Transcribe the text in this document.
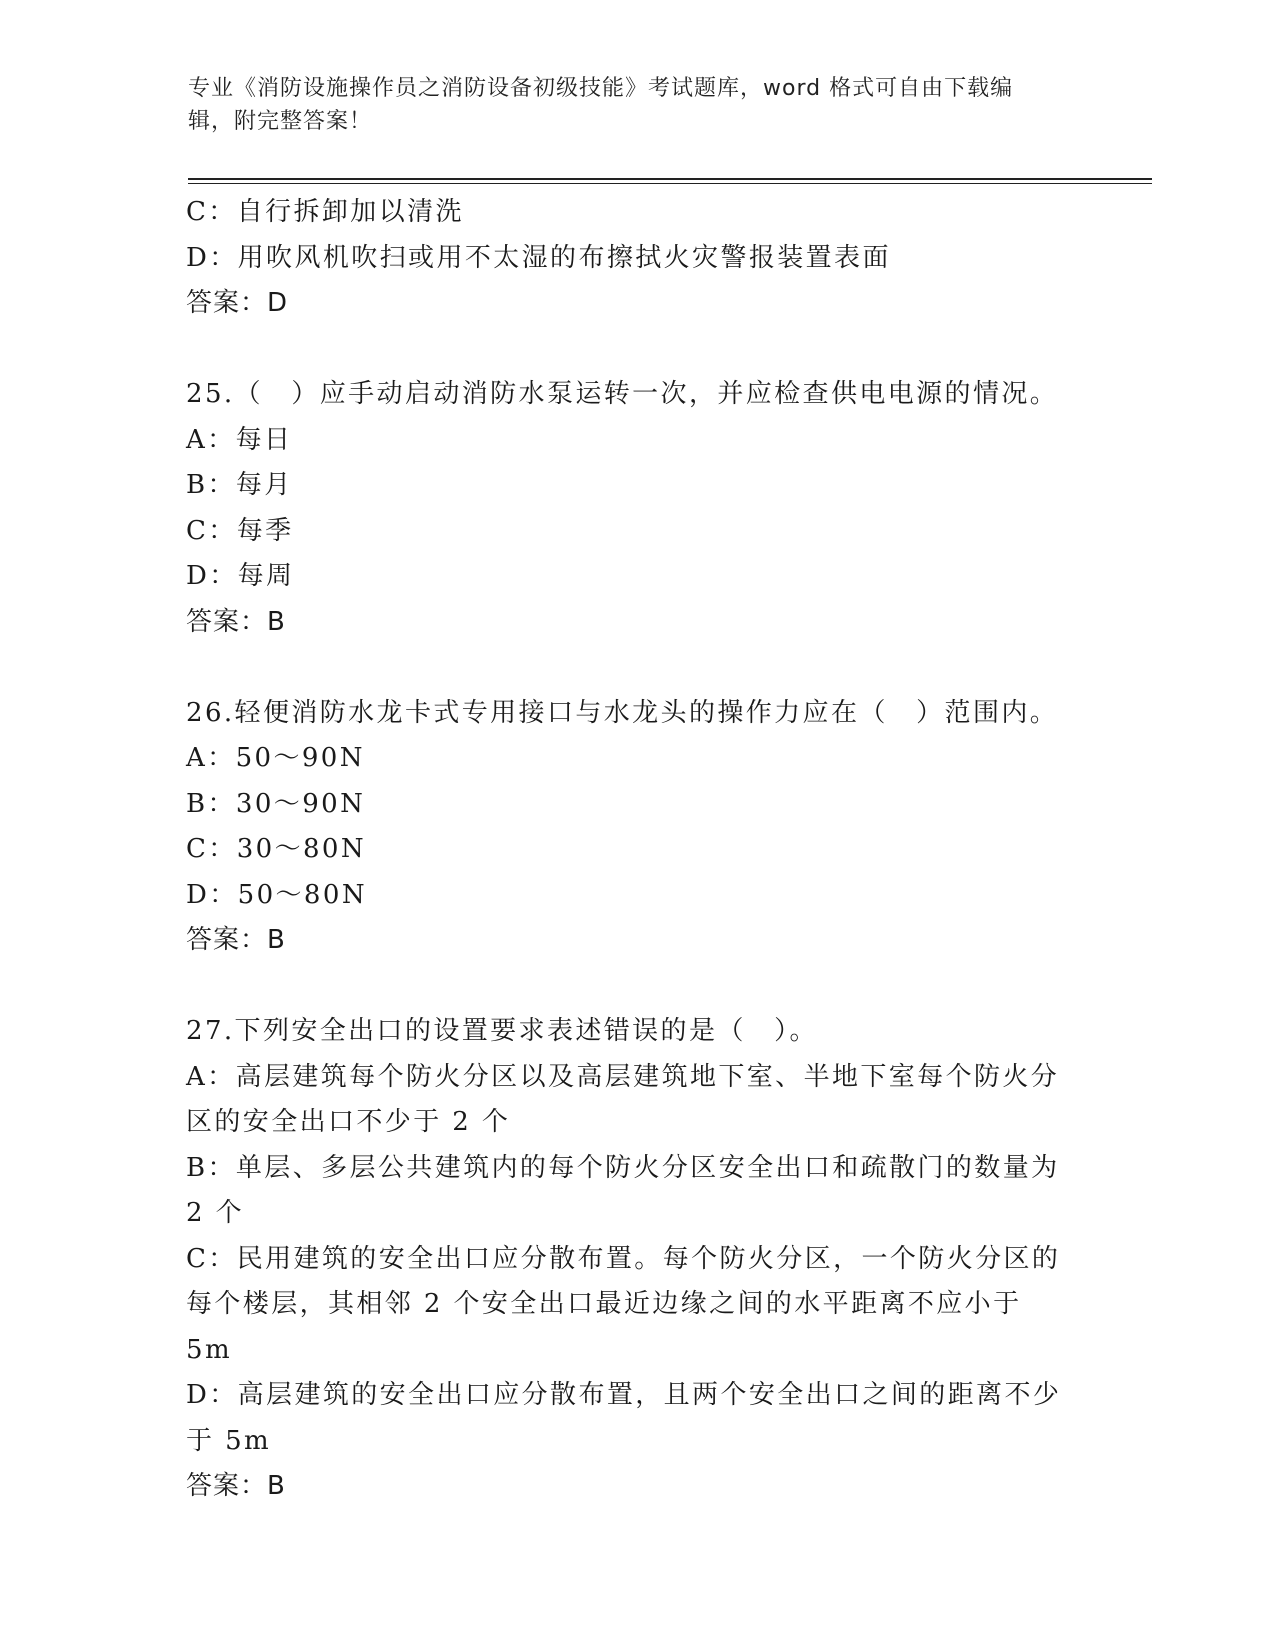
专业《消防设施操作员之消防设备初级技能》考试题库，word 格式可自由下载编
辑，附完整答案！
C：自行拆卸加以清洗
D：用吹风机吹扫或用不太湿的布擦拭火灾警报装置表面
答案：D
25.（　）应手动启动消防水泵运转一次，并应检查供电电源的情况。
A：每日
B：每月
C：每季
D：每周
答案：B
26.轻便消防水龙卡式专用接口与水龙头的操作力应在（　）范围内。
A：50～90N
B：30～90N
C：30～80N
D：50～80N
答案：B
27.下列安全出口的设置要求表述错误的是（　）。
A：高层建筑每个防火分区以及高层建筑地下室、半地下室每个防火分区的安全出口不少于 2 个
B：单层、多层公共建筑内的每个防火分区安全出口和疏散门的数量为 2 个
C：民用建筑的安全出口应分散布置。每个防火分区，一个防火分区的每个楼层，其相邻 2 个安全出口最近边缘之间的水平距离不应小于 5m
D：高层建筑的安全出口应分散布置，且两个安全出口之间的距离不少于 5m
答案：B
